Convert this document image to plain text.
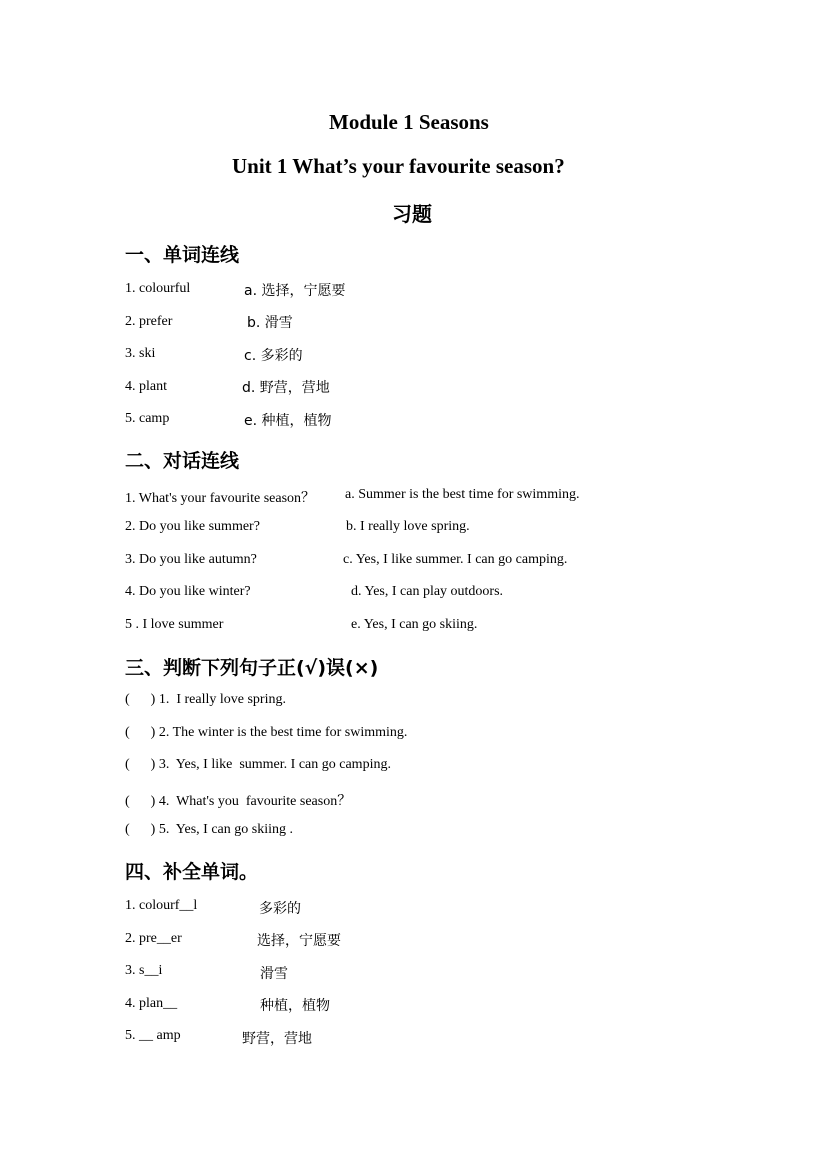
Module 1 Seasons
Unit 1 What’s your favourite season?
习题
一、单词连线
1. colourful
2. prefer
3. ski
4. plant
5. camp
a. 选择，宁愿要
b. 滑雪
c. 多彩的
d. 野营，营地
e. 种植，植物
二、对话连线
1. What's your favourite season？
2. Do you like summer?
3. Do you like autumn?
4. Do you like winter?
5 . I love summer
a. Summer is the best time for swimming.
b. I really love spring.
c. Yes, I like summer. I can go camping.
d. Yes, I can play outdoors.
e. Yes, I can go skiing.
三、判断下列句子正(√)误(×)
(      ) 1.  I really love spring.
(      ) 2. The winter is the best time for swimming.
(      ) 3.  Yes, I like  summer. I can go camping.
(      ) 4.  What's you  favourite season？
(      ) 5.  Yes, I can go skiing .
四、补全单词。
1. colourf__l
2. pre__er
3. s__i
4. plan__
5. __ amp
多彩的
选择，宁愿要
滑雪
种植，植物
野营，营地
